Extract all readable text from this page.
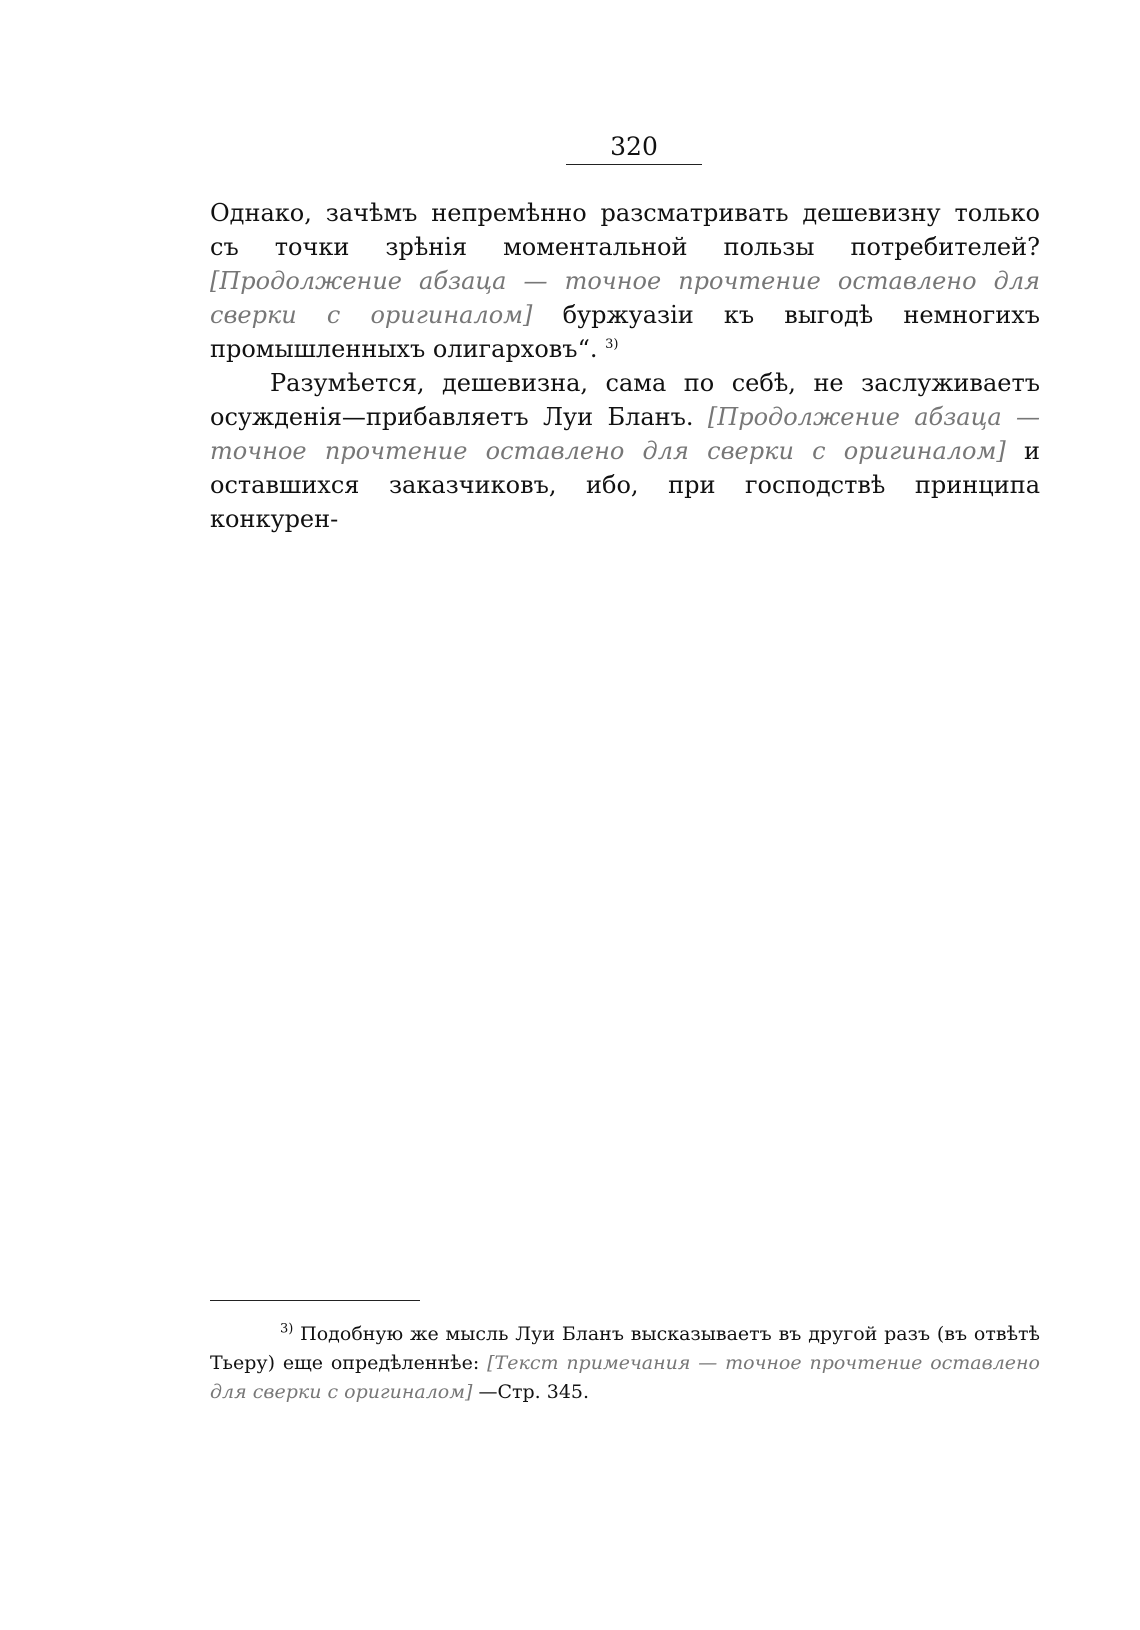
320

Однако, зачѣмъ непремѣнно разсматривать дешевизну только съ точки зрѣнія моментальной пользы потребителей? [Продолжение абзаца — точное прочтение оставлено для сверки с оригиналом] буржуазіи къ выгодѣ немногихъ промышленныхъ олигарховъ“. $^{3)}$

Разумѣется, дешевизна, сама по себѣ, не заслуживаетъ осужденія—прибавляетъ Луи Бланъ. [Продолжение абзаца — точное прочтение оставлено для сверки с оригиналом] и оставшихся заказчиковъ, ибо, при господствѣ принципа конкурен-

$^{3)}$ Подобную же мысль Луи Бланъ высказываетъ въ другой разъ (въ отвѣтѣ Тьеру) еще опредѣленнѣе: [Текст примечания — точное прочтение оставлено для сверки с оригиналом] —Стр. 345.
